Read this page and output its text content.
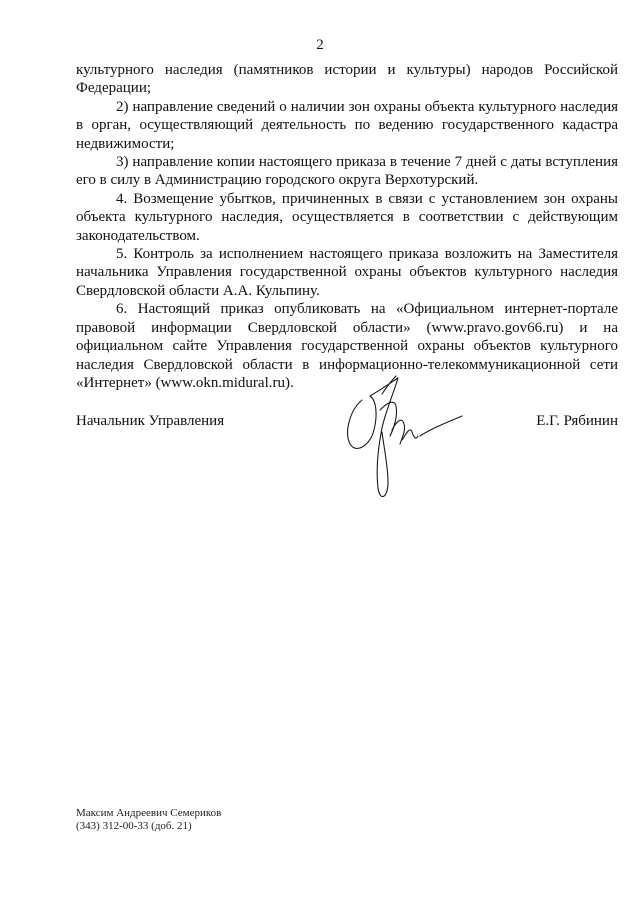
2

культурного наследия (памятников истории и культуры) народов Российской Федерации;

2) направление сведений о наличии зон охраны объекта культурного наследия в орган, осуществляющий деятельность по ведению государственного кадастра недвижимости;

3) направление копии настоящего приказа в течение 7 дней с даты вступления его в силу в Администрацию городского округа Верхотурский.

4. Возмещение убытков, причиненных в связи с установлением зон охраны объекта культурного наследия, осуществляется в соответствии с действующим законодательством.

5. Контроль за исполнением настоящего приказа возложить на Заместителя начальника Управления государственной охраны объектов культурного наследия Свердловской области А.А. Кульпину.

6. Настоящий приказ опубликовать на «Официальном интернет-портале правовой информации Свердловской области» (www.pravo.gov66.ru) и на официальном сайте Управления государственной охраны объектов культурного наследия Свердловской области в информационно-телекоммуникационной сети «Интернет» (www.okn.midural.ru).

Начальник Управления	Е.Г. Рябинин
Максим Андреевич Семериков
(343) 312-00-33 (доб. 21)
